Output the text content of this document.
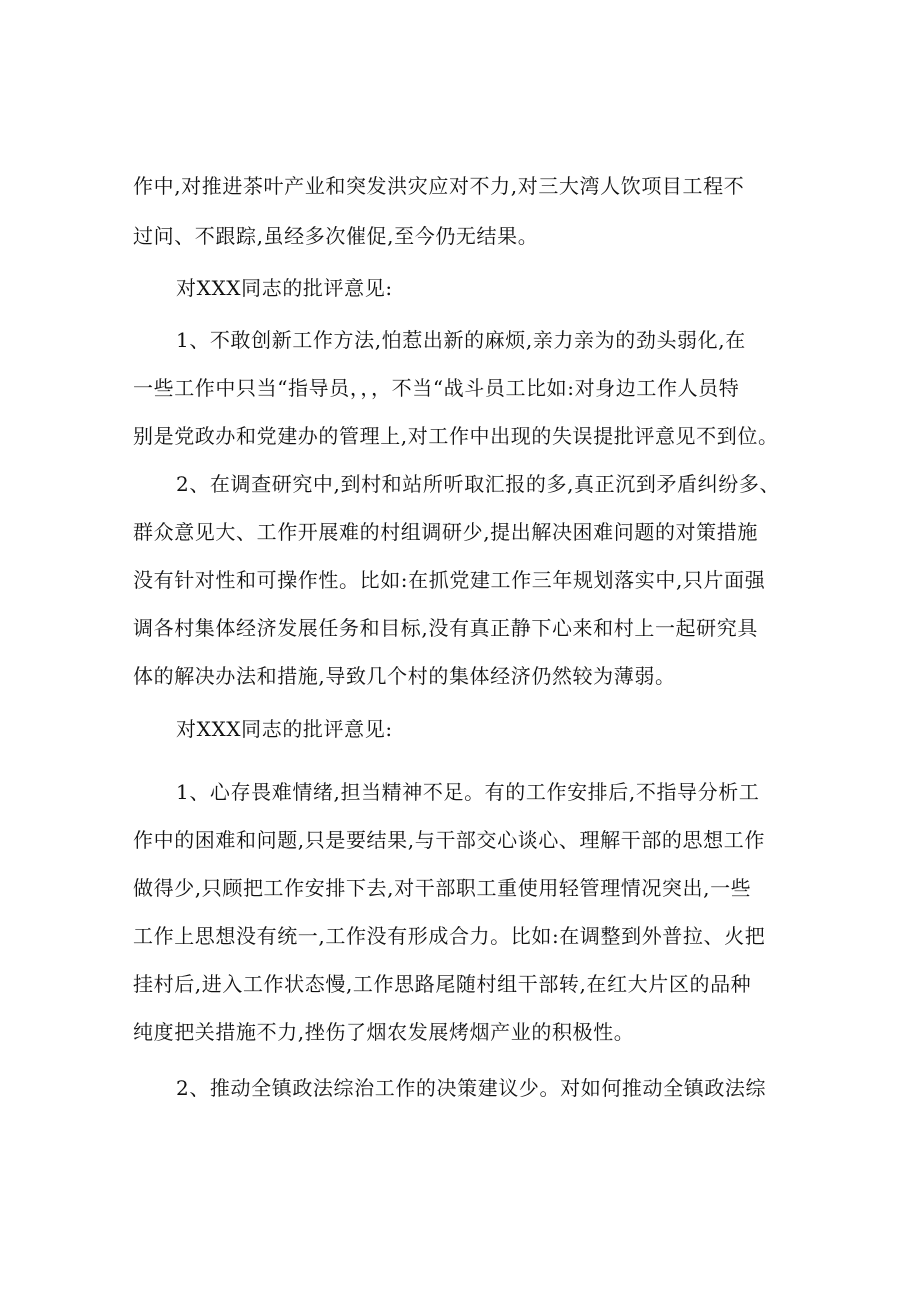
作中,对推进茶叶产业和突发洪灾应对不力,对三大湾人饮项目工程不
过问、不跟踪,虽经多次催促,至今仍无结果。
对XXX同志的批评意见:
1、不敢创新工作方法,怕惹出新的麻烦,亲力亲为的劲头弱化,在
一些工作中只当“指导员，，，不当“战斗员工比如:对身边工作人员特
别是党政办和党建办的管理上,对工作中出现的失误提批评意见不到位。
2、在调查研究中,到村和站所听取汇报的多,真正沉到矛盾纠纷多、
群众意见大、工作开展难的村组调研少,提出解决困难问题的对策措施
没有针对性和可操作性。比如:在抓党建工作三年规划落实中,只片面强
调各村集体经济发展任务和目标,没有真正静下心来和村上一起研究具
体的解决办法和措施,导致几个村的集体经济仍然较为薄弱。
对XXX同志的批评意见:
1、心存畏难情绪,担当精神不足。有的工作安排后,不指导分析工
作中的困难和问题,只是要结果,与干部交心谈心、理解干部的思想工作
做得少,只顾把工作安排下去,对干部职工重使用轻管理情况突出,一些
工作上思想没有统一,工作没有形成合力。比如:在调整到外普拉、火把
挂村后,进入工作状态慢,工作思路尾随村组干部转,在红大片区的品种
纯度把关措施不力,挫伤了烟农发展烤烟产业的积极性。
2、推动全镇政法综治工作的决策建议少。对如何推动全镇政法综
